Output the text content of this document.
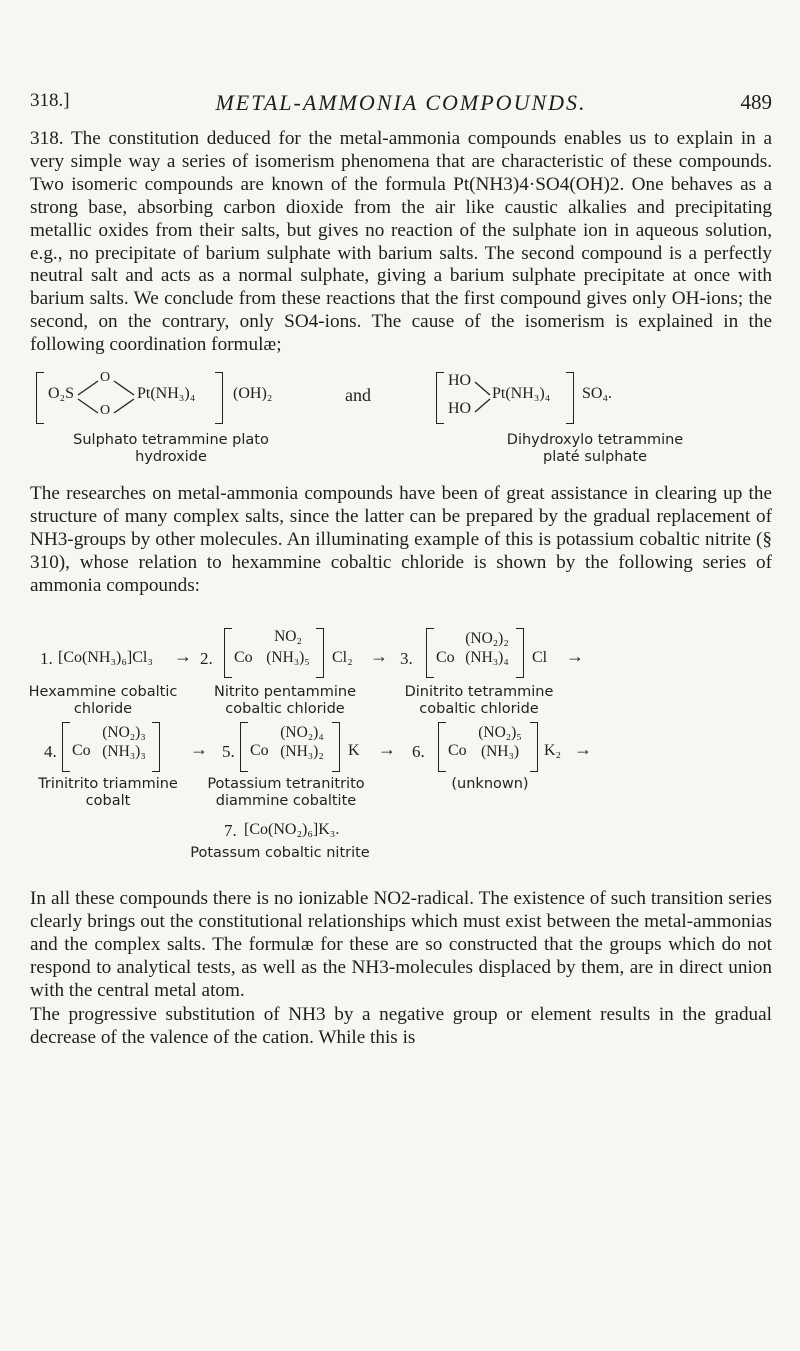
318.]	METAL-AMMONIA COMPOUNDS.	489

318. The constitution deduced for the metal-ammonia compounds enables us to explain in a very simple way a series of isomerism phenomena that are characteristic of these compounds. Two isomeric compounds are known of the formula Pt(NH3)4·SO4(OH)2. One behaves as a strong base, absorbing carbon dioxide from the air like caustic alkalies and precipitating metallic oxides from their salts, but gives no reaction of the sulphate ion in aqueous solution, e.g., no precipitate of barium sulphate with barium salts. The second compound is a perfectly neutral salt and acts as a normal sulphate, giving a barium sulphate precipitate at once with barium salts. We conclude from these reactions that the first compound gives only OH-ions; the second, on the contrary, only SO4-ions. The cause of the isomerism is explained in the following coordination formulæ;

O₂S
O
O
Pt(NH₃)₄ (OH)₂	and
HO
HO
Pt(NH₃)₄ SO₄.
Sulphato tetrammine plato
hydroxide
Dihydroxylo tetrammine
platé sulphate

The researches on metal-ammonia compounds have been of great assistance in clearing up the structure of many complex salts, since the latter can be prepared by the gradual replacement of NH3-groups by other molecules. An illuminating example of this is potassium cobaltic nitrite (§ 310), whose relation to hexammine cobaltic chloride is shown by the following series of ammonia compounds:

1. [Co(NH₃)₆]Cl₃ → 2. Co
NO₂
(NH₃)₅	Cl₂ → 3. Co
(NO₂)₂
(NH₃)₄	Cl →
Hexammine cobaltic
chloride
Nitrito pentammine
cobaltic chloride
Dinitrito tetrammine
cobaltic chloride
4. Co
(NO₂)₃
(NH₃)₃	→ 5. Co
(NO₂)₄
(NH₃)₂	K → 6. Co
(NO₂)₅
(NH₃)	K₂ →
Trinitrito triammine
cobalt
Potassium tetranitrito
diammine cobaltite
(unknown)
7. [Co(NO₂)₆]K₃.
Potassum cobaltic nitrite

In all these compounds there is no ionizable NO2-radical. The existence of such transition series clearly brings out the constitutional relationships which must exist between the metal-ammonias and the complex salts. The formulæ for these are so constructed that the groups which do not respond to analytical tests, as well as the NH3-molecules displaced by them, are in direct union with the central metal atom.

The progressive substitution of NH3 by a negative group or element results in the gradual decrease of the valence of the cation. While this is
